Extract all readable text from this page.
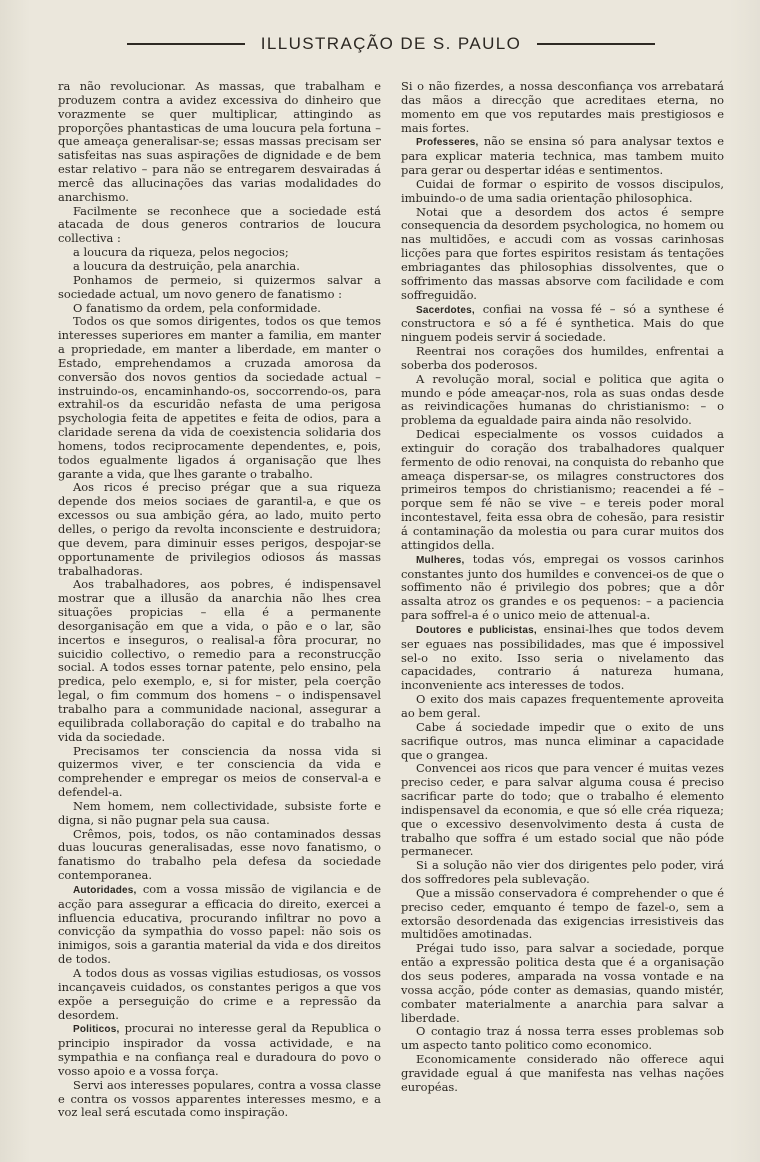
ILLUSTRAÇÃO DE S. PAULO

ra não revolucionar. As massas, que trabalham e produzem contra a avidez excessiva do dinheiro que vorazmente se quer multiplicar, attingindo as proporções phantasticas de uma loucura pela fortuna – que ameaça generalisar-se; essas massas precisam ser satisfeitas nas suas aspirações de dignidade e de bem estar relativo – para não se entregarem desvairadas á mercê das allucinações das varias modalidades do anarchismo.

Facilmente se reconhece que a sociedade está atacada de dous generos contrarios de loucura collectiva :

a loucura da riqueza, pelos negocios;

a loucura da destruição, pela anarchia.

Ponhamos de permeio, si quizermos salvar a sociedade actual, um novo genero de fanatismo :

O fanatismo da ordem, pela conformidade.

Todos os que somos dirigentes, todos os que temos interesses superiores em manter a familia, em manter a propriedade, em manter a liberdade, em manter o Estado, emprehendamos a cruzada amorosa da conversão dos novos gentios da sociedade actual – instruindo-os, encaminhando-os, soccorrendo-os, para extrahil-os da escuridão nefasta de uma perigosa psychologia feita de appetites e feita de odios, para a claridade serena da vida de coexistencia solidaria dos homens, todos reciprocamente dependentes, e, pois, todos egualmente ligados á organisação que lhes garante a vida, que lhes garante o trabalho.

Aos ricos é preciso prégar que a sua riqueza depende dos meios sociaes de garantil-a, e que os excessos ou sua ambição géra, ao lado, muito perto delles, o perigo da revolta inconsciente e destruidora; que devem, para diminuir esses perigos, despojar-se opportunamente de privilegios odiosos ás massas trabalhadoras.

Aos trabalhadores, aos pobres, é indispensavel mostrar que a illusão da anarchia não lhes crea situações propicias – ella é a permanente desorganisação em que a vida, o pão e o lar, são incertos e inseguros, o realisal-a fôra procurar, no suicidio collectivo, o remedio para a reconstrucção social. A todos esses tornar patente, pelo ensino, pela predica, pelo exemplo, e, si for mister, pela coerção legal, o fim commum dos homens – o indispensavel trabalho para a communidade nacional, assegurar a equilibrada collaboração do capital e do trabalho na vida da sociedade.

Precisamos ter consciencia da nossa vida si quizermos viver, e ter consciencia da vida e comprehender e empregar os meios de conserval-a e defendel-a.

Nem homem, nem collectividade, subsiste forte e digna, si não pugnar pela sua causa.

Crêmos, pois, todos, os não contaminados dessas duas loucuras generalisadas, esse novo fanatismo, o fanatismo do trabalho pela defesa da sociedade contemporanea.

Autoridades, com a vossa missão de vigilancia e de acção para assegurar a efficacia do direito, exercei a influencia educativa, procurando infiltrar no povo a convicção da sympathia do vosso papel: não sois os inimigos, sois a garantia material da vida e dos direitos de todos.

A todos dous as vossas vigilias estudiosas, os vossos incançaveis cuidados, os constantes perigos a que vos expõe a perseguição do crime e a repressão da desordem.

Politicos, procurai no interesse geral da Republica o principio inspirador da vossa actividade, e na sympathia e na confiança real e duradoura do povo o vosso apoio e a vossa força.

Servi aos interesses populares, contra a vossa classe e contra os vossos apparentes interesses mesmo, e a voz leal será escutada como inspiração.

Si o não fizerdes, a nossa desconfiança vos arrebatará das mãos a direcção que acreditaes eterna, no momento em que vos reputardes mais prestigiosos e mais fortes.

Professeres, não se ensina só para analysar textos e para explicar materia technica, mas tambem muito para gerar ou despertar idéas e sentimentos.

Cuidai de formar o espirito de vossos discipulos, imbuindo-o de uma sadia orientação philosophica.

Notai que a desordem dos actos é sempre consequencia da desordem psychologica, no homem ou nas multidões, e accudi com as vossas carinhosas licções para que fortes espiritos resistam ás tentações embriagantes das philosophias dissolventes, que o soffrimento das massas absorve com facilidade e com soffreguidão.

Sacerdotes, confiai na vossa fé – só a synthese é constructora e só a fé é synthetica. Mais do que ninguem podeis servir á sociedade.

Reentrai nos corações dos humildes, enfrentai a soberba dos poderosos.

A revolução moral, social e politica que agita o mundo e póde ameaçar-nos, rola as suas ondas desde as reivindicações humanas do christianismo: – o problema da egualdade paira ainda não resolvido.

Dedicai especialmente os vossos cuidados a extinguir do coração dos trabalhadores qualquer fermento de odio renovai, na conquista do rebanho que ameaça dispersar-se, os milagres constructores dos primeiros tempos do christianismo; reacendei a fé – porque sem fé não se vive – e tereis poder moral incontestavel, feita essa obra de cohesão, para resistir á contaminação da molestia ou para curar muitos dos attingidos della.

Mulheres, todas vós, empregai os vossos carinhos constantes junto dos humildes e convencei-os de que o soffimento não é privilegio dos pobres; que a dôr assalta atroz os grandes e os pequenos: – a paciencia para soffrel-a é o unico meio de attenual-a.

Doutores e publicistas, ensinai-lhes que todos devem ser eguaes nas possibilidades, mas que é impossivel sel-o no exito. Isso seria o nivelamento das capacidades, contrario á natureza humana, inconveniente acs interesses de todos.

O exito dos mais capazes frequentemente aproveita ao bem geral.

Cabe á sociedade impedir que o exito de uns sacrifique outros, mas nunca eliminar a capacidade que o grangea.

Convencei aos ricos que para vencer é muitas vezes preciso ceder, e para salvar alguma cousa é preciso sacrificar parte do todo; que o trabalho é elemento indispensavel da economia, e que só elle créa riqueza; que o excessivo desenvolvimento desta á custa de trabalho que soffra é um estado social que não póde permanecer.

Si a solução não vier dos dirigentes pelo poder, virá dos soffredores pela sublevação.

Que a missão conservadora é comprehender o que é preciso ceder, emquanto é tempo de fazel-o, sem a extorsão desordenada das exigencias irresistiveis das multidões amotinadas.

Prégai tudo isso, para salvar a sociedade, porque então a expressão politica desta que é a organisação dos seus poderes, amparada na vossa vontade e na vossa acção, póde conter as demasias, quando mistér, combater materialmente a anarchia para salvar a liberdade.

O contagio traz á nossa terra esses problemas sob um aspecto tanto politico como economico.

Economicamente considerado não offerece aqui gravidade egual á que manifesta nas velhas nações européas.
